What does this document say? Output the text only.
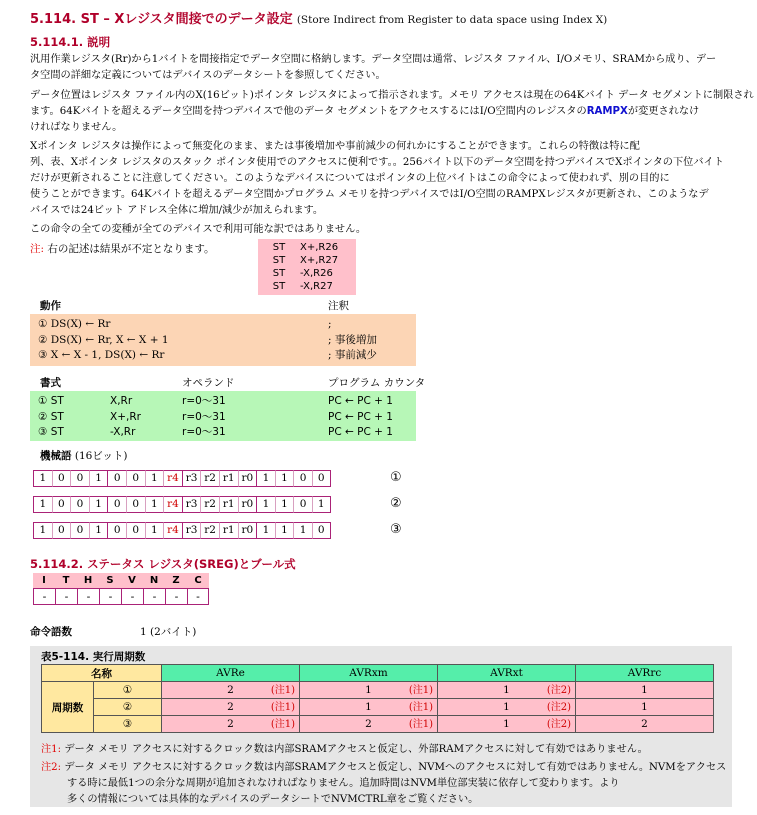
5.114. ST – Xレジスタ間接でのデータ設定 (Store Indirect from Register to data space using Index X)
5.114.1. 説明

汎用作業レジスタ(Rr)から1バイトを間接指定でデータ空間に格納します。データ空間は通常、レジスタ ファイル、I/Oメモリ、SRAMから成り、デー

タ空間の詳細な定義についてはデバイスのデータシートを参照してください。

データ位置はレジスタ ファイル内のX(16ビット)ポインタ レジスタによって指示されます。メモリ アクセスは現在の64Kバイト データ セグメントに制限され

ます。64Kバイトを超えるデータ空間を持つデバイスで他のデータ セグメントをアクセスするにはI/O空間内のレジスタのRAMPXが変更されなけ

ければなりません。

Xポインタ レジスタは操作によって無変化のまま、または事後増加や事前減少の何れかにすることができます。これらの特徴は特に配

列、表、Xポインタ レジスタのスタック ポインタ使用でのアクセスに便利です。。256バイト以下のデータ空間を持つデバイスでXポインタの下位バイト

だけが更新されることに注意してください。このようなデバイスについてはポインタの上位バイトはこの命令によって使われず、別の目的に

使うことができます。64Kバイトを超えるデータ空間かプログラム メモリを持つデバイスではI/O空間のRAMPXレジスタが更新され、このようなデ

バイスでは24ビット アドレス全体に増加/減少が加えられます。

この命令の全ての変種が全てのデバイスで利用可能な訳ではありません。

注: 右の記述は結果が不定となります。	ST	X+,R26
ST	X+,R27
ST	-X,R26
ST	-X,R27
動作	注釈
① DS(X) ← Rr	;
② DS(X) ← Rr, X ← X + 1	; 事後増加
③ X ← X - 1, DS(X) ← Rr	; 事前減少
書式	オペランド	プログラム カウンタ
① ST	X,Rr	r=0～31	PC ← PC + 1
② ST	X+,Rr	r=0～31	PC ← PC + 1
③ ST	-X,Rr	r=0～31	PC ← PC + 1
機械語 (16ビット)
1	0	0	1	0	0	1 r4 r3 r2 r1 r0 1	1	0	0	①
1	0	0	1	0	0	1 r4 r3 r2 r1 r0 1	1	0	1	②
1	0	0	1	0	0	1 r4 r3 r2 r1 r0 1	1	1	0	③
5.114.2. ステータス レジスタ(SREG)とブール式
I	T	H	S	V	N	Z	C
-	-	-	-	-	-	-	-
命令語数	1 (2バイト)
表5-114. 実行周期数
名称		AVRe	AVRxm	AVRxt	AVRrc
周期数	①	2 (注1)	1 (注1)	1 (注2)	1

	②	2 (注1)	1 (注1)	1 (注2)	1

	③	2 (注1)	2 (注1)	1 (注2)	2
注1: データ メモリ アクセスに対するクロック数は内部SRAMアクセスと仮定し、外部RAMアクセスに対して有効ではありません。
注2: データ メモリ アクセスに対するクロック数は内部SRAMアクセスと仮定し、NVMへのアクセスに対して有効ではありません。NVMをアクセス
する時に最低1つの余分な周期が追加されなければなりません。追加時間はNVM単位部実装に依存して変わります。より
多くの情報については具体的なデバイスのデータシートでNVMCTRL章をご覧ください。
